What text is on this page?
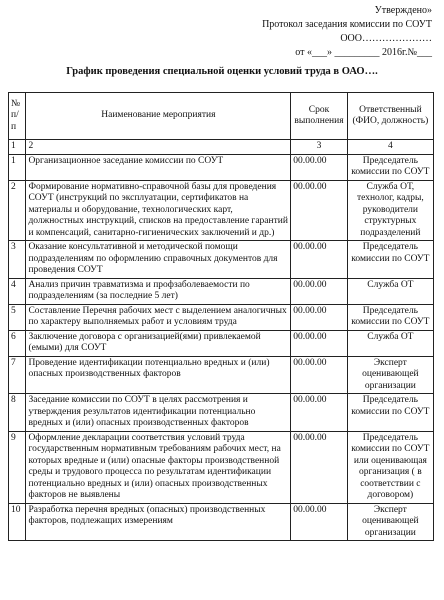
Утверждено»
Протокол заседания комиссии по СОУТ
ООО…………………
от «___» _________ 2016г.№___
График проведения специальной оценки условий труда в ОАО….
№ п/п	Наименование мероприятия	Срок выполнения	Ответственный (ФИО, должность)
1	2	3	4
1	Организационное заседание комиссии по СОУТ	00.00.00	Председатель комиссии по СОУТ
2	Формирование нормативно-справочной базы для проведения СОУТ (инструкций по эксплуатации, сертификатов на материалы и оборудование, технологических карт, должностных инструкций, списков на предоставление гарантий и компенсаций, санитарно-гигиенических заключений и др.)	00.00.00	Служба ОТ, технолог, кадры, руководители структурных подразделений
3	Оказание консультативной и методической помощи подразделениям по оформлению справочных документов для проведения СОУТ	00.00.00	Председатель комиссии по СОУТ
4	Анализ причин травматизма и профзаболеваемости по подразделениям (за последние 5 лет)	00.00.00	Служба ОТ
5	Составление Перечня рабочих мест с выделением аналогичных по характеру выполняемых работ и условиям труда	00.00.00	Председатель комиссии по СОУТ
6	Заключение договора с организацией(ями) привлекаемой (емыми) для СОУТ	00.00.00	Служба ОТ
7	Проведение идентификации потенциально вредных и (или) опасных производственных факторов	00.00.00	Эксперт оценивающей организации
8	Заседание комиссии по СОУТ в целях рассмотрения и утверждения результатов идентификации потенциально вредных и (или) опасных производственных факторов	00.00.00	Председатель комиссии по СОУТ
9	Оформление декларации соответствия условий труда государственным нормативным требованиям рабочих мест, на которых вредные и (или) опасные факторы производственной среды и трудового процесса по результатам идентификации потенциально вредных и (или) опасных производственных факторов не выявлены	00.00.00	Председатель комиссии по СОУТ или оценивающая организация ( в соответствии с договором)
10	Разработка перечня вредных (опасных) производственных факторов, подлежащих измерениям	00.00.00	Эксперт оценивающей организации
